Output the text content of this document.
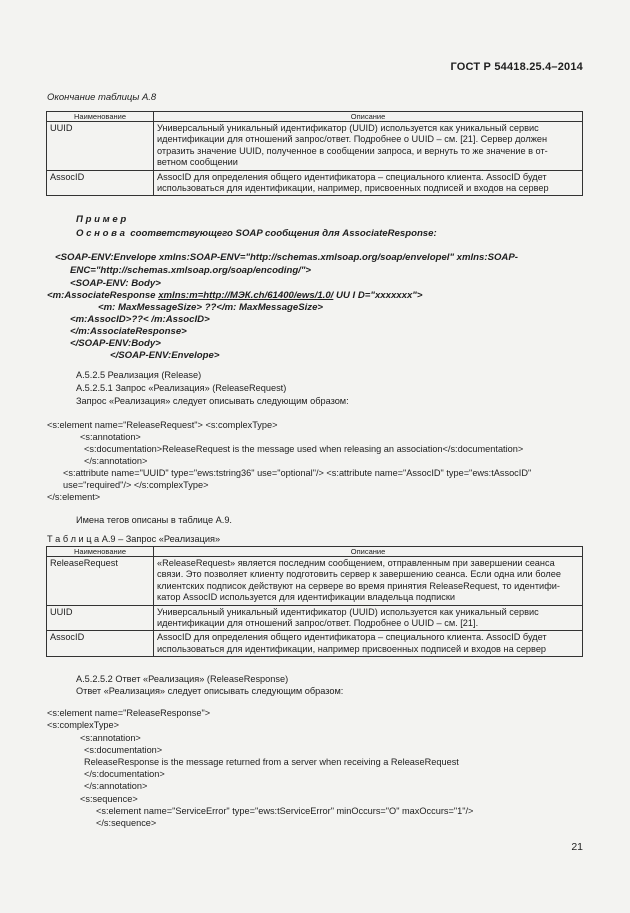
ГОСТ Р 54418.25.4–2014
Окончание таблицы А.8
Наименование	Описание
UUID	Универсальный уникальный идентификатор (UUID) используется как уникальный сервис
идентификации для отношений запрос/ответ. Подробнее о UUID – см. [21]. Сервер должен
отразить значение UUID, полученное в сообщении запроса, и вернуть то же значение в от-
ветном сообщении

AssocID	AssocID для определения общего идентификатора – специального клиента. AssocID будет
использоваться для идентификации, например, присвоенных подписей и входов на сервер
П р и м е р
О с н о в а соответствующего SOAP сообщения для AssociateResponse:
<SOAP-ENV:Envelope xmlns:SOAP-ENV="http://schemas.xmlsoap.org/soap/envelopel" xmlns:SOAP-
ENC="http://schemas.xmlsoap.org/soap/encoding/">
<SOAP-ENV: Body>
<m:AssociateResponse xmlns:m=http://МЭК.ch/61400/ews/1.0/ UU I D="xxxxxxx">
<m: MaxMessageSize> ??</m: MaxMessageSize>
<m:AssocID>??< /m:AssocID>
</m:AssociateResponse>
</SOAP-ENV:Body>
</SOAP-ENV:Envelope>
А.5.2.5 Реализация (Release)
А.5.2.5.1 Запрос «Реализация» (ReleaseRequest)
Запрос «Реализация» следует описывать следующим образом:
<s:element name="ReleaseRequest"> <s:complexType>
<s:annotation>
<s:documentation>ReleaseRequest is the message used when releasing an association</s:documentation>
</s:annotation>
<s:attribute name="UUID" type="ews:tstring36" use="optional"/> <s:attribute name="AssocID" type="ews:tAssocID"
use="required"/> </s:complexType>
</s:element>
Имена тегов описаны в таблице А.9.
Т а б л и ц а А.9 – Запрос «Реализация»
Наименование	Описание
ReleaseRequest	«ReleaseRequest» является последним сообщением, отправленным при завершении сеанса
связи. Это позволяет клиенту подготовить сервер к завершению сеанса. Если одна или более
клиентских подписок действуют на сервере во время принятия ReleaseRequest, то идентифи-
катор AssocID используется для идентификации владельца подписки

UUID	Универсальный уникальный идентификатор (UUID) используется как уникальный сервис
идентификации для отношений запрос/ответ. Подробнее о UUID – см. [21].

AssocID	AssocID для определения общего идентификатора – специального клиента. AssocID будет
использоваться для идентификации, например присвоенных подписей и входов на сервер
А.5.2.5.2 Ответ «Реализация» (ReleaseResponse)
Ответ «Реализация» следует описывать следующим образом:
<s:element name="ReleaseResponse">
<s:complexType>
<s:annotation>
<s:documentation>
ReleaseResponse is the message returned from a server when receiving a ReleaseRequest
</s:documentation>
</s:annotation>
<s:sequence>
<s:element name="ServiceError" type="ews:tServiceError" minOccurs="O" maxOccurs="1"/>
</s:sequence>
21
